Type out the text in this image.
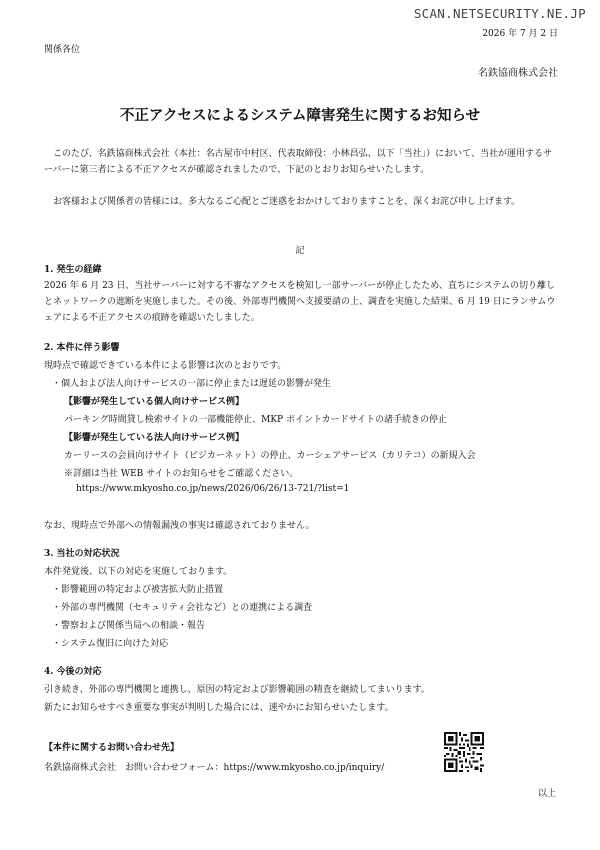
SCAN.NETSECURITY.NE.JP
2026 年 7 月 2 日
関係各位
名鉄協商株式会社
不正アクセスによるシステム障害発生に関するお知らせ

このたび、名鉄協商株式会社（本社：名古屋市中村区、代表取締役：小林昌弘、以下「当社」）において、当社が運用するサーバーに第三者による不正アクセスが確認されましたので、下記のとおりお知らせいたします。

お客様および関係者の皆様には、多大なるご心配とご迷惑をおかけしておりますことを、深くお詫び申し上げます。

記
1. 発生の経緯

2026 年 6 月 23 日、当社サーバーに対する不審なアクセスを検知し一部サーバーが停止したため、直ちにシステムの切り離しとネットワークの遮断を実施しました。その後、外部専門機関へ支援要請の上、調査を実施した結果、6 月 19 日にランサムウェアによる不正アクセスの痕跡を確認いたしました。

2. 本件に伴う影響
現時点で確認できている本件による影響は次のとおりです。
・個人および法人向けサービスの一部に停止または遅延の影響が発生
【影響が発生している個人向けサービス例】
パーキング時間貸し検索サイトの一部機能停止、MKP ポイントカードサイトの諸手続きの停止
【影響が発生している法人向けサービス例】
カーリースの会員向けサイト（ビジカーネット）の停止、カーシェアサービス（カリテコ）の新規入会
※詳細は当社 WEB サイトのお知らせをご確認ください。
https://www.mkyosho.co.jp/news/2026/06/26/13-721/?list=1
なお、現時点で外部への情報漏洩の事実は確認されておりません。
3. 当社の対応状況
本件発覚後、以下の対応を実施しております。
・影響範囲の特定および被害拡大防止措置
・外部の専門機関（セキュリティ会社など）との連携による調査
・警察および関係当局への相談・報告
・システム復旧に向けた対応
4. 今後の対応
引き続き、外部の専門機関と連携し、原因の特定および影響範囲の精査を継続してまいります。
新たにお知らせすべき重要な事実が判明した場合には、速やかにお知らせいたします。
【本件に関するお問い合わせ先】
名鉄協商株式会社　お問い合わせフォーム：https://www.mkyosho.co.jp/inquiry/
以上
